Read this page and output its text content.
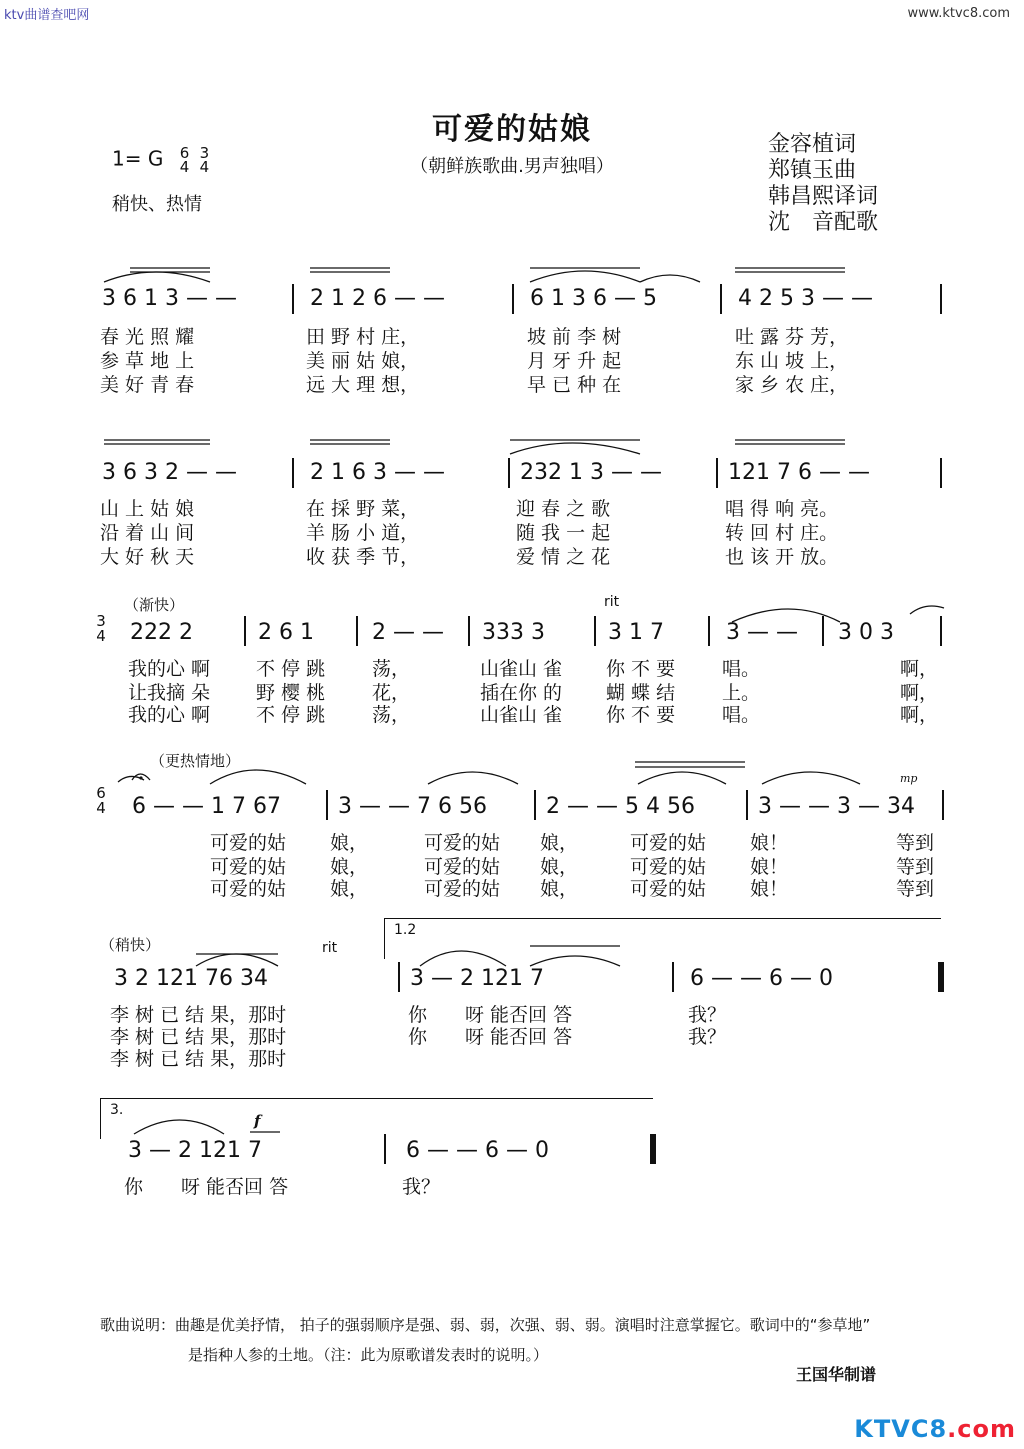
ktv曲谱查吧网	www.ktvc8.com
可爱的姑娘
（朝鲜族歌曲.男声独唱）
1= G 6
4 3
4
稍快、热情
金容植词
郑镇玉曲
韩昌熙译词
沈　音配歌
3 6 1 3 — —	2 1 2 6 — —	6 1 3 6 — 5	4 2 5 3 — —
春 光 照 耀	田 野 村 庄，	坡 前 李 树	吐 露 芬 芳，
参 草 地 上	美 丽 姑 娘，	月 牙 升 起	东 山 坡 上，
美 好 青 春	远 大 理 想，	早 已 种 在	家 乡 农 庄，
3 6 3 2 — —	2 1 6 3 — —	232 1 3 — —	121 7 6 — —
山 上 姑 娘	在 採 野 菜，	迎 春 之 歌	唱 得 响 亮。
沿 着 山 间	羊 肠 小 道，	随 我 一 起	转 回 村 庄。
大 好 秋 天	收 获 季 节，	爱 情 之 花	也 该 开 放。
（渐快）	rit
3
4 222 2	2 6 1	2 — — 333 3	3 1 7	3 — — 3 0 3
我的心 啊 不 停 跳 荡，	山雀山 雀 你 不 要 唱。	啊，
让我摘 朵 野 樱 桃 花，	插在你 的 蝴 蝶 结 上。	啊，
我的心 啊 不 停 跳 荡，	山雀山 雀 你 不 要 唱。	啊，
（更热情地）
mp
6
4 6 — — 1 7 67	3 — — 7 6 56	2 — — 5 4 56	3 — — 3 — 34
可爱的姑 娘，	可爱的姑 娘，	可爱的姑 娘！	等到
可爱的姑 娘，	可爱的姑 娘，	可爱的姑 娘！	等到
可爱的姑 娘，	可爱的姑 娘，	可爱的姑 娘！	等到
1.2
（稍快）	rit
3 2 121 76 34	3 — 2 121 7	6 — — 6 — 0
李 树 已 结 果，那时	你　　呀 能否回 答	我？
李 树 已 结 果，那时	你　　呀 能否回 答	我？
李 树 已 结 果，那时
3.
f
3 — 2 121 7	6 — — 6 — 0
你　　呀 能否回 答	我？
歌曲说明：曲趣是优美抒情， 拍子的强弱顺序是强、弱、弱，次强、弱、弱。演唱时注意掌握它。歌词中的“参草地”
是指种人参的土地。（注：此为原歌谱发表时的说明。）
王国华制谱
KTVC8.com
